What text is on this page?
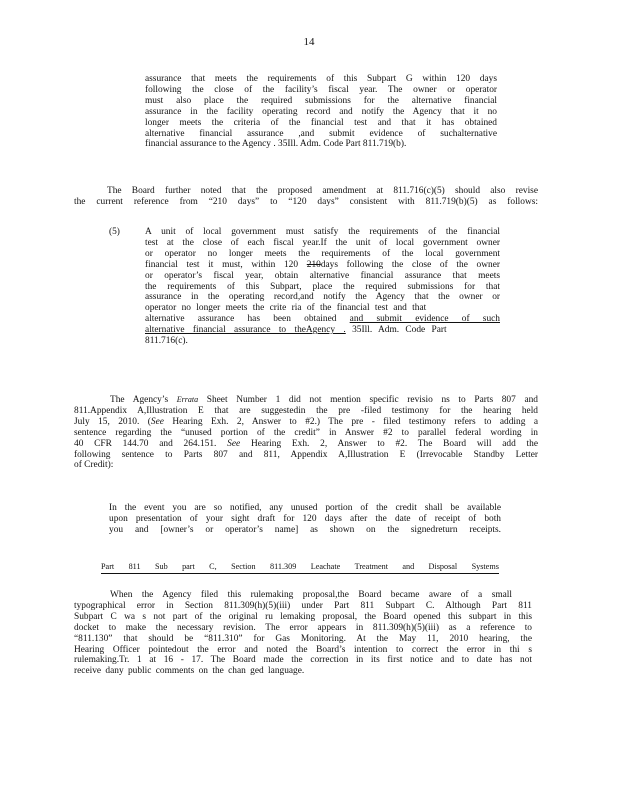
14
assurance that meets the requirements of this Subpart G within 120 days
following the close of the facility’s fiscal year. The owner or operator
must also place the required submissions for the alternative financial
assurance in the facility operating record and notify the Agency that it no
longer meets the criteria of the financial test and that it has obtained
alternative financial assurance ,and submit evidence of suchalternative
financial assurance to the Agency . 35Ill. Adm. Code Part 811.719(b).
The Board further noted that the proposed amendment at 811.716(c)(5) should also revise
the current reference from “210 days” to “120 days” consistent with 811.719(b)(5) as follows:
(5)	A unit of local government must satisfy the requirements of the financial
test at the close of each fiscal year.If the unit of local government owner
or operator no longer meets the requirements of the local government
financial test it must, within 120 210days following the close of the owner
or operator’s fiscal year, obtain alternative financial assurance that meets
the requirements of this Subpart, place the required submissions for that
assurance in the operating record,and notify the Agency that the owner or
operator no longer meets the crite ria of the financial test and that
alternative assurance has been obtained and submit evidence of such
alternative financial assurance to theAgency . 35Ill. Adm. Code Part
811.716(c).
The Agency’s Errata Sheet Number 1 did not mention specific revisio ns to Parts 807 and
811.Appendix A,Illustration E that are suggestedin the pre -filed testimony for the hearing held
July 15, 2010. (See Hearing Exh. 2, Answer to #2.) The pre - filed testimony refers to adding a
sentence regarding the “unused portion of the credit” in Answer #2 to parallel federal wording in
40 CFR 144.70 and 264.151. See Hearing Exh. 2, Answer to #2. The Board will add the
following sentence to Parts 807 and 811, Appendix A,Illustration E (Irrevocable Standby Letter
of Credit):
In the event you are so notified, any unused portion of the credit shall be available
upon presentation of your sight draft for 120 days after the date of receipt of both
you and [owner’s or operator’s name] as shown on the signedreturn receipts.
Part 811 Sub part C, Section 811.309 Leachate Treatment and Disposal Systems
When the Agency filed this rulemaking proposal,the Board became aware of a small
typographical error in Section 811.309(h)(5)(iii) under Part 811 Subpart C. Although Part 811
Subpart C wa s not part of the original ru lemaking proposal, the Board opened this subpart in this
docket to make the necessary revision. The error appears in 811.309(h)(5)(iii) as a reference to
“811.130” that should be “811.310” for Gas Monitoring. At the May 11, 2010 hearing, the
Hearing Officer pointedout the error and noted the Board’s intention to correct the error in thi s
rulemaking.Tr. 1 at 16 - 17. The Board made the correction in its first notice and to date has not
receive dany public comments on the chan ged language.
